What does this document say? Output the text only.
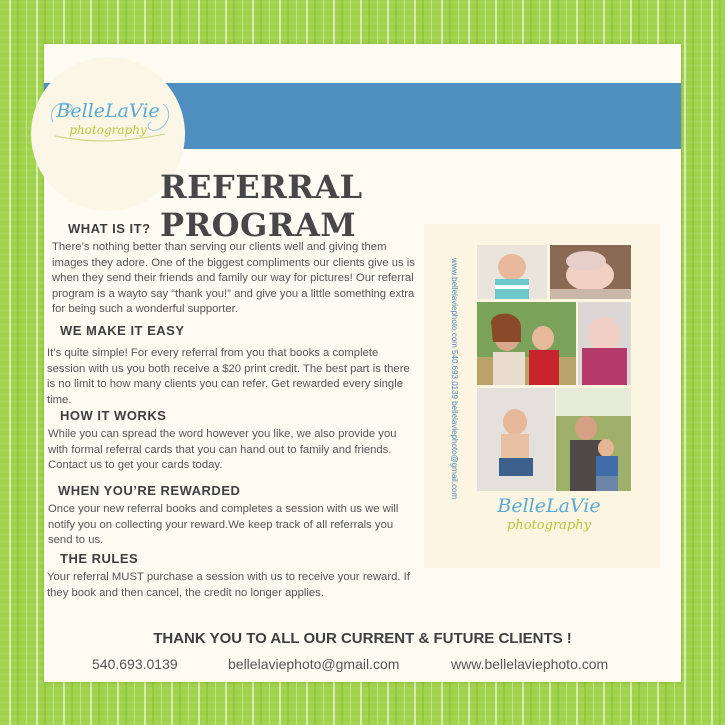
BelleLaVie
photography
REFERRAL PROGRAM
WHAT IS IT?
There’s nothing better than serving our clients well and giving them images they adore. One of the biggest compliments our clients give us is when they send their friends and family our way for pictures! Our referral program is a wayto say “thank you!” and give you a little something extra for being such a wonderful supporter.
WE MAKE IT EASY
It’s quite simple! For every referral from you that books a complete session with us you both receive a $20 print credit. The best part is there is no limit to how many clients you can refer. Get rewarded every single time.
HOW IT WORKS
While you can spread the word however you like, we also provide you with formal referral cards that you can hand out to family and friends. Contact us to get your cards today.
WHEN YOU’RE REWARDED
Once your new referral books and completes a session with us we will notify you on collecting your reward.We keep track of all referrals you send to us.
THE RULES
Your referral MUST purchase a session with us to receive your reward. If they book and then cancel, the credit no longer applies.
www.bellelaviephoto.com 540.693.0139 bellelaviephoto@gmail.com
BelleLaVie
photography
THANK YOU TO ALL OUR CURRENT & FUTURE CLIENTS !
540.693.0139	bellelaviephoto@gmail.com	www.bellelaviephoto.com
